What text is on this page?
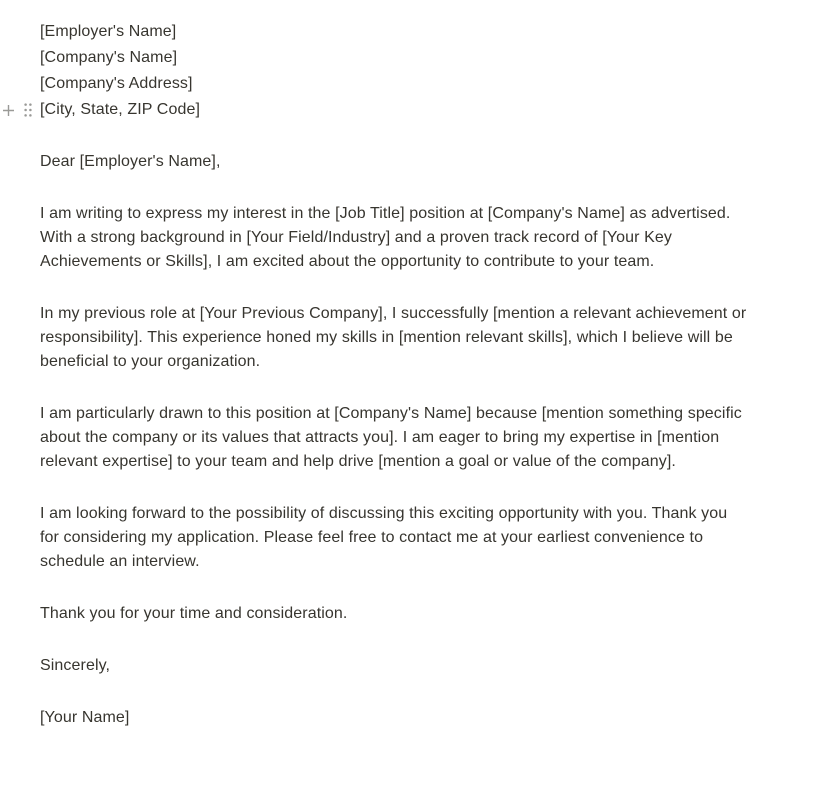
[Employer's Name]
[Company's Name]
[Company's Address]
[City, State, ZIP Code]
Dear [Employer's Name],
I am writing to express my interest in the [Job Title] position at [Company's Name] as advertised.
With a strong background in [Your Field/Industry] and a proven track record of [Your Key
Achievements or Skills], I am excited about the opportunity to contribute to your team.
In my previous role at [Your Previous Company], I successfully [mention a relevant achievement or
responsibility]. This experience honed my skills in [mention relevant skills], which I believe will be
beneficial to your organization.
I am particularly drawn to this position at [Company's Name] because [mention something specific
about the company or its values that attracts you]. I am eager to bring my expertise in [mention
relevant expertise] to your team and help drive [mention a goal or value of the company].
I am looking forward to the possibility of discussing this exciting opportunity with you. Thank you
for considering my application. Please feel free to contact me at your earliest convenience to
schedule an interview.
Thank you for your time and consideration.
Sincerely,
[Your Name]
